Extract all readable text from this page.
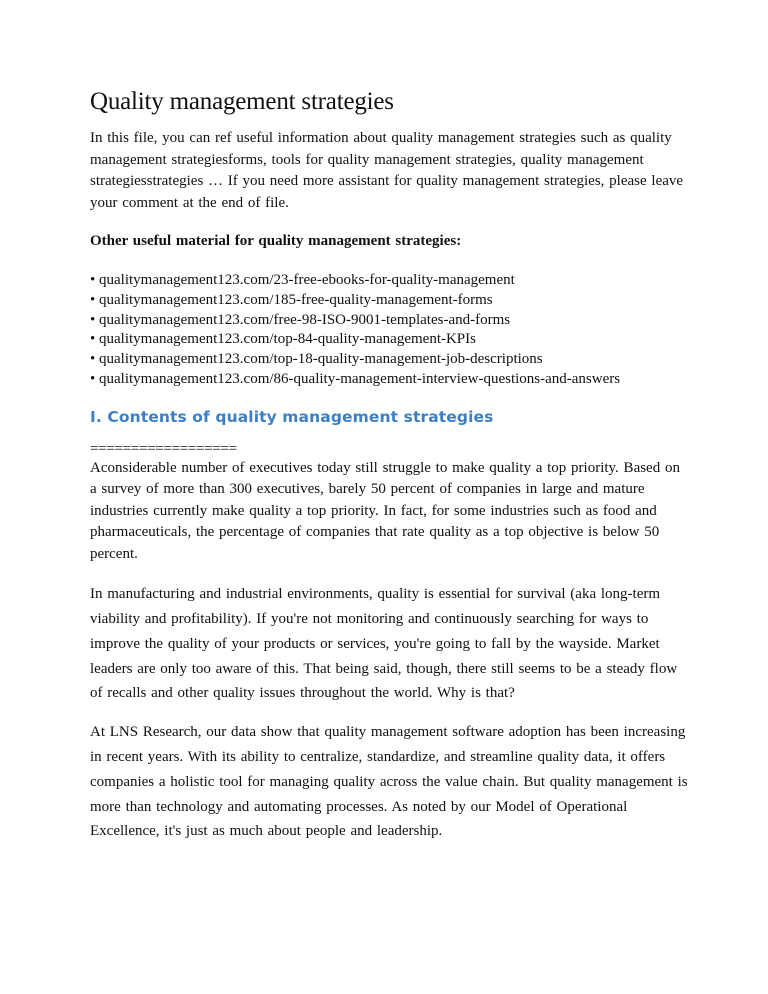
Quality management strategies

In this file, you can ref useful information about quality management strategies such as quality management strategiesforms, tools for quality management strategies, quality management strategiesstrategies … If you need more assistant for quality management strategies, please leave your comment at the end of file.

Other useful material for quality management strategies:

• qualitymanagement123.com/23-free-ebooks-for-quality-management
• qualitymanagement123.com/185-free-quality-management-forms
• qualitymanagement123.com/free-98-ISO-9001-templates-and-forms
• qualitymanagement123.com/top-84-quality-management-KPIs
• qualitymanagement123.com/top-18-quality-management-job-descriptions
• qualitymanagement123.com/86-quality-management-interview-questions-and-answers
I. Contents of quality management strategies
==================

Aconsiderable number of executives today still struggle to make quality a top priority. Based on a survey of more than 300 executives, barely 50 percent of companies in large and mature industries currently make quality a top priority. In fact, for some industries such as food and pharmaceuticals, the percentage of companies that rate quality as a top objective is below 50 percent.

In manufacturing and industrial environments, quality is essential for survival (aka long-term viability and profitability). If you're not monitoring and continuously searching for ways to improve the quality of your products or services, you're going to fall by the wayside. Market leaders are only too aware of this. That being said, though, there still seems to be a steady flow of recalls and other quality issues throughout the world. Why is that?

At LNS Research, our data show that quality management software adoption has been increasing in recent years. With its ability to centralize, standardize, and streamline quality data, it offers companies a holistic tool for managing quality across the value chain. But quality management is more than technology and automating processes. As noted by our Model of Operational Excellence, it's just as much about people and leadership.
